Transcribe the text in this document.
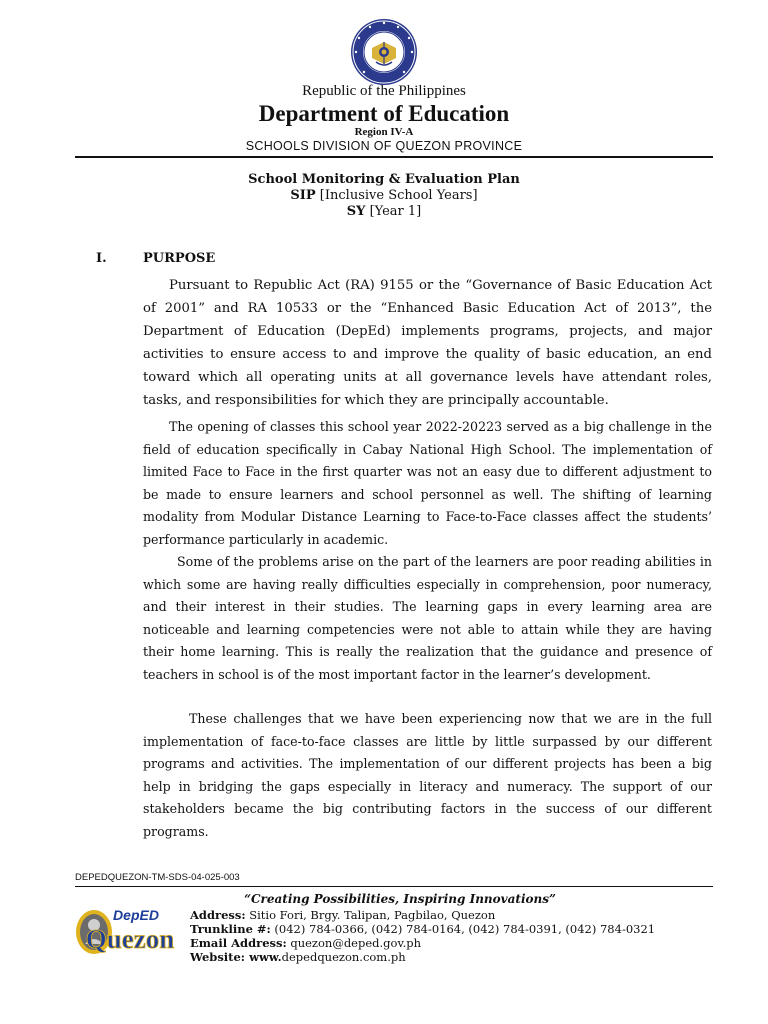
Republic of the Philippines
Department of Education
Region IV-A
SCHOOLS DIVISION OF QUEZON PROVINCE
School Monitoring & Evaluation Plan
SIP [Inclusive School Years]
SY [Year 1]
I.	PURPOSE

Pursuant to Republic Act (RA) 9155 or the “Governance of Basic Education Act of 2001” and RA 10533 or the “Enhanced Basic Education Act of 2013”, the Department of Education (DepEd) implements programs, projects, and major activities to ensure access to and improve the quality of basic education, an end toward which all operating units at all governance levels have attendant roles, tasks, and responsibilities for which they are principally accountable.

The opening of classes this school year 2022-20223 served as a big challenge in the field of education specifically in Cabay National High School. The implementation of limited Face to Face in the first quarter was not an easy due to different adjustment to be made to ensure learners and school personnel as well. The shifting of learning modality from Modular Distance Learning to Face-to-Face classes affect the students’ performance particularly in academic.

Some of the problems arise on the part of the learners are poor reading abilities in which some are having really difficulties especially in comprehension, poor numeracy, and their interest in their studies. The learning gaps in every learning area are noticeable and learning competencies were not able to attain while they are having their home learning. This is really the realization that the guidance and presence of teachers in school is of the most important factor in the learner’s development.

These challenges that we have been experiencing now that we are in the full implementation of face-to-face classes are little by little surpassed by our different programs and activities. The implementation of our different projects has been a big help in bridging the gaps especially in literacy and numeracy. The support of our stakeholders became the big contributing factors in the success of our different programs.

DEPEDQUEZON-TM-SDS-04-025-003
“Creating Possibilities, Inspiring Innovations”
DepED
Quezon
Address: Sitio Fori, Brgy. Talipan, Pagbilao, Quezon
Trunkline #: (042) 784-0366, (042) 784-0164, (042) 784-0391, (042) 784-0321
Email Address: quezon@deped.gov.ph
Website: www.depedquezon.com.ph
